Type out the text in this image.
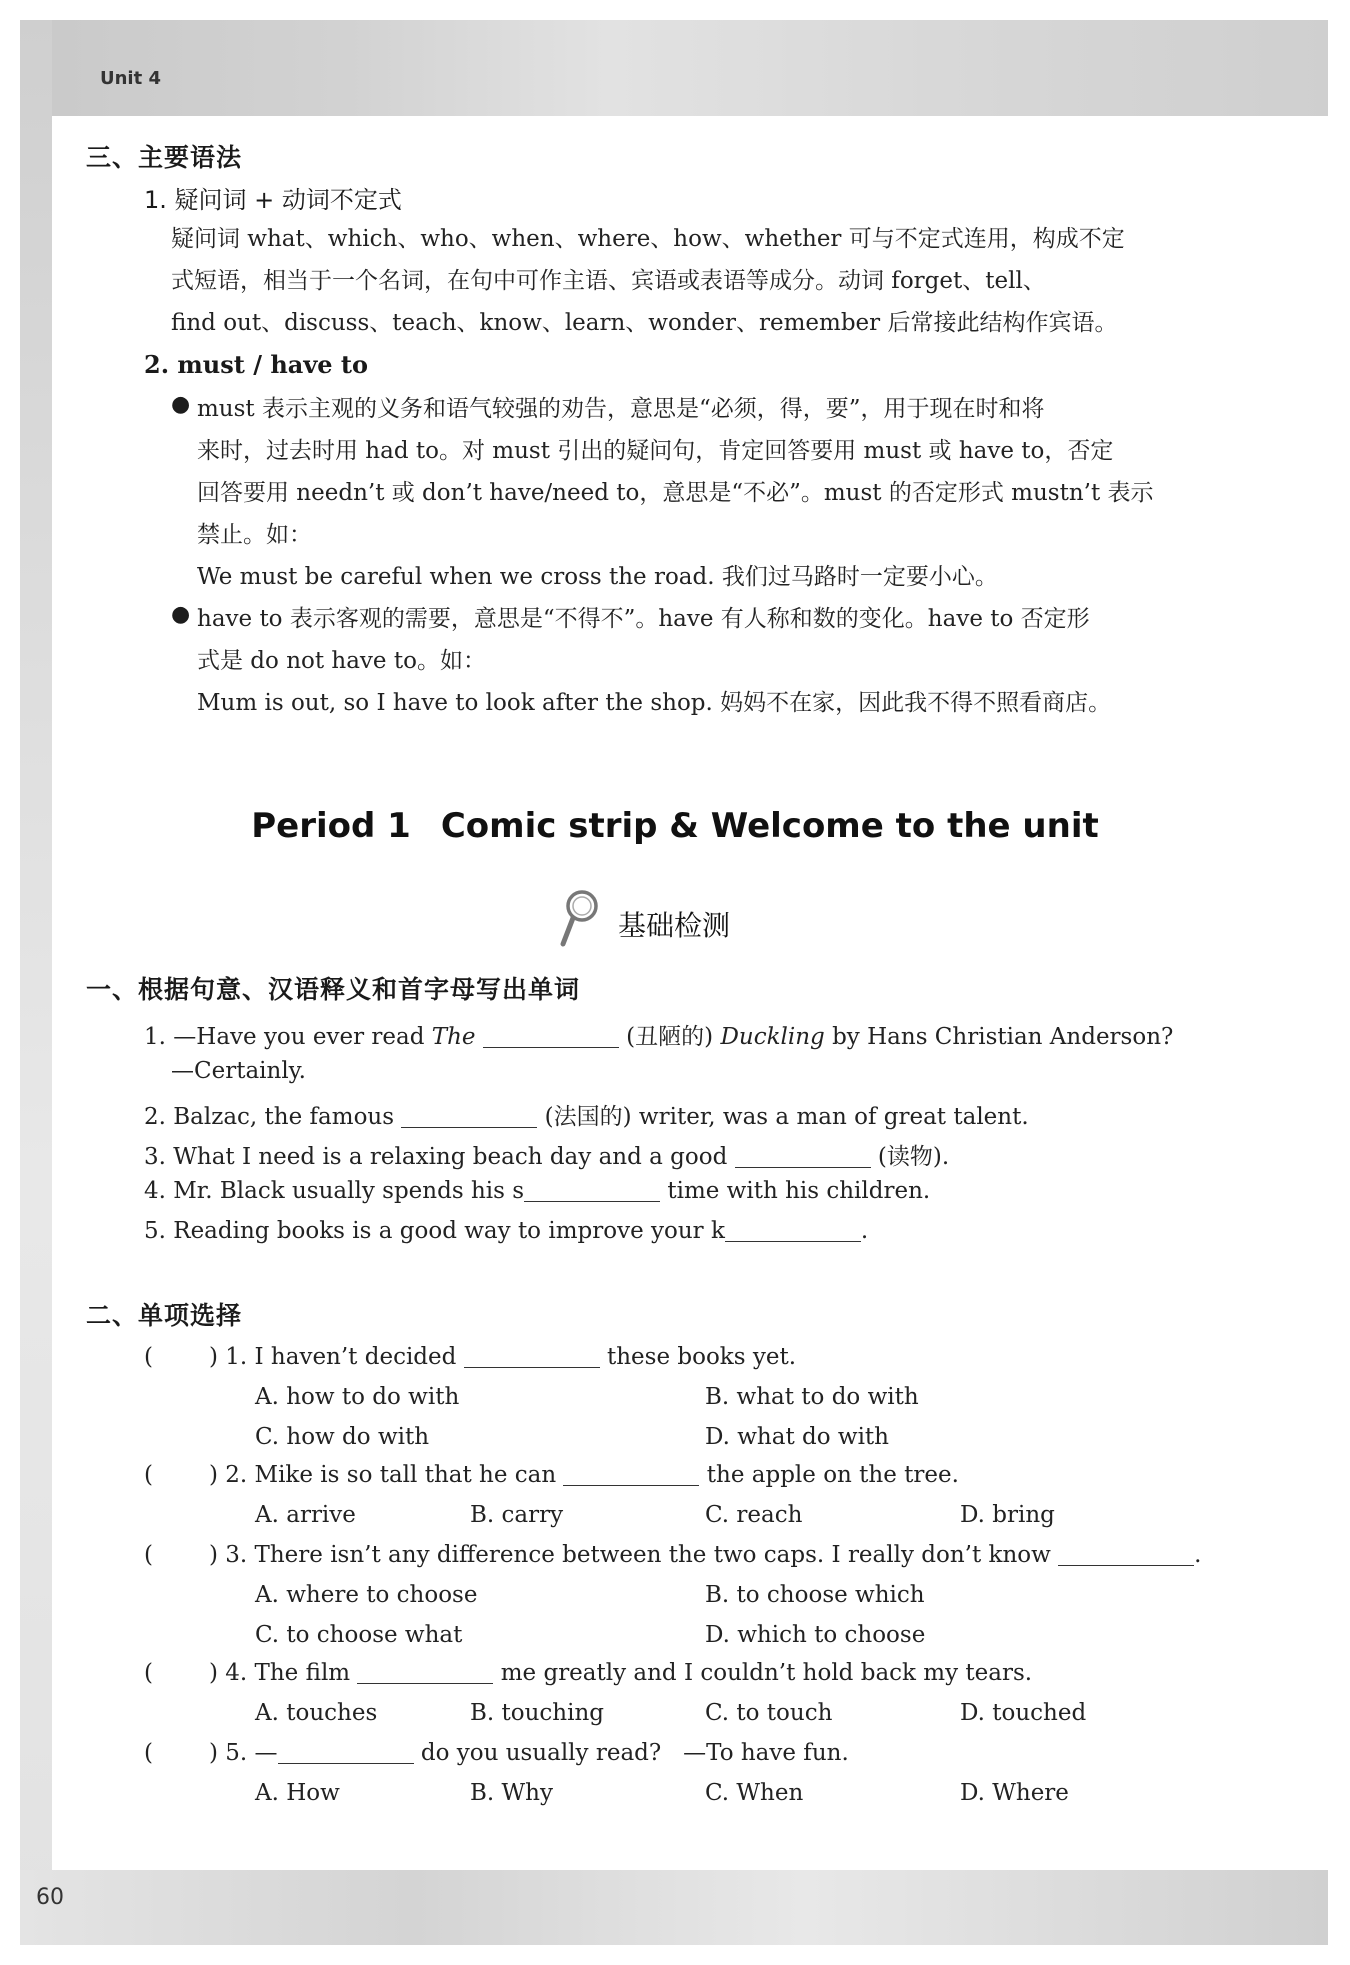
Unit 4
60
三、主要语法
1. 疑问词 + 动词不定式
疑问词 what、which、who、when、where、how、whether 可与不定式连用，构成不定
式短语，相当于一个名词，在句中可作主语、宾语或表语等成分。动词 forget、tell、
find out、discuss、teach、know、learn、wonder、remember 后常接此结构作宾语。
2. must / have to
● must 表示主观的义务和语气较强的劝告，意思是“必须，得，要”，用于现在时和将
来时，过去时用 had to。对 must 引出的疑问句，肯定回答要用 must 或 have to，否定
回答要用 needn’t 或 don’t have/need to，意思是“不必”。must 的否定形式 mustn’t 表示
禁止。如：
We must be careful when we cross the road. 我们过马路时一定要小心。
● have to 表示客观的需要，意思是“不得不”。have 有人称和数的变化。have to 否定形
式是 do not have to。如：
Mum is out, so I have to look after the shop. 妈妈不在家，因此我不得不照看商店。
Period 1 Comic strip & Welcome to the unit
基础检测
一、根据句意、汉语释义和首字母写出单词
1. —Have you ever read The	(丑陋的) Duckling by Hans Christian Anderson?
—Certainly.
2. Balzac, the famous	(法国的) writer, was a man of great talent.
3. What I need is a relaxing beach day and a good	(读物).
4. Mr. Black usually spends his s	time with his children.
5. Reading books is a good way to improve your k	.
二、单项选择
( ) 1. I haven’t decided	these books yet.
A. how to do with	B. what to do with
C. how do with	D. what do with
( ) 2. Mike is so tall that he can	the apple on the tree.
A. arrive	B. carry	C. reach	D. bring
( ) 3. There isn’t any difference between the two caps. I really don’t know	.
A. where to choose	B. to choose which
C. to choose what	D. which to choose
( ) 4. The film	me greatly and I couldn’t hold back my tears.
A. touches	B. touching	C. to touch	D. touched
( ) 5. —	do you usually read?   —To have fun.
A. How	B. Why	C. When	D. Where
